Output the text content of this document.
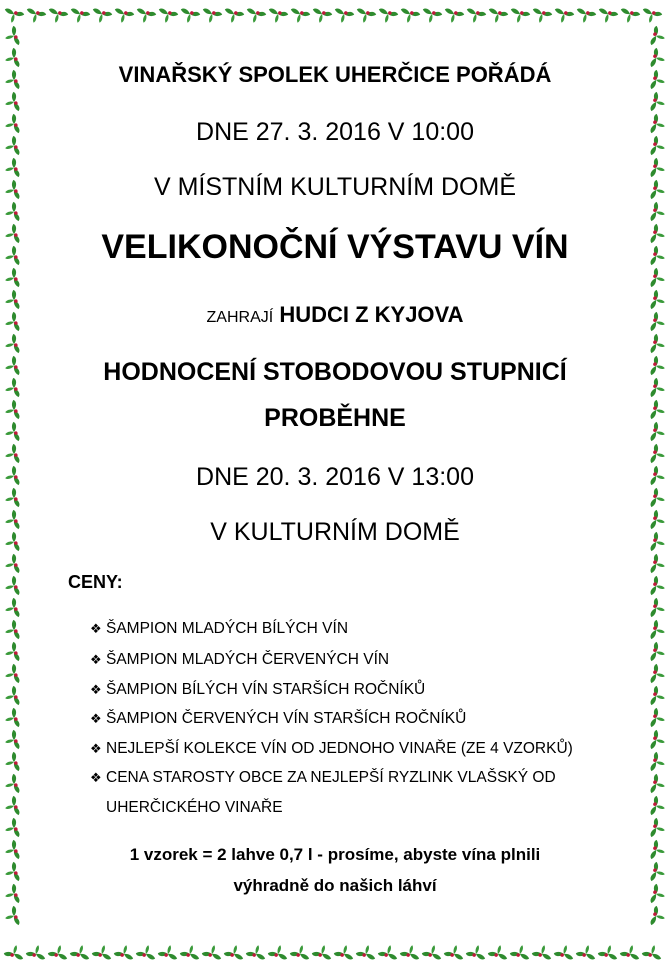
VINAŘSKÝ SPOLEK UHERČICE POŘÁDÁ
DNE 27. 3. 2016 V 10:00
V MÍSTNÍM KULTURNÍM DOMĚ
VELIKONOČNÍ VÝSTAVU VÍN
ZAHRAJÍ HUDCI Z KYJOVA
HODNOCENÍ STOBODOVOU STUPNICÍ
PROBĚHNE
DNE 20. 3. 2016 V 13:00
V KULTURNÍM DOMĚ
CENY:
❖ ŠAMPION MLADÝCH BÍLÝCH VÍN
❖ ŠAMPION MLADÝCH ČERVENÝCH VÍN
❖ ŠAMPION BÍLÝCH VÍN STARŠÍCH ROČNÍKŮ
❖ ŠAMPION ČERVENÝCH VÍN STARŠÍCH ROČNÍKŮ
❖ NEJLEPŠÍ KOLEKCE VÍN OD JEDNOHO VINAŘE (ZE 4 VZORKŮ)
❖ CENA STAROSTY OBCE ZA NEJLEPŠÍ RYZLINK VLAŠSKÝ OD
UHERČICKÉHO VINAŘE
1 vzorek = 2 lahve 0,7 l - prosíme, abyste vína plnili
výhradně do našich láhví
